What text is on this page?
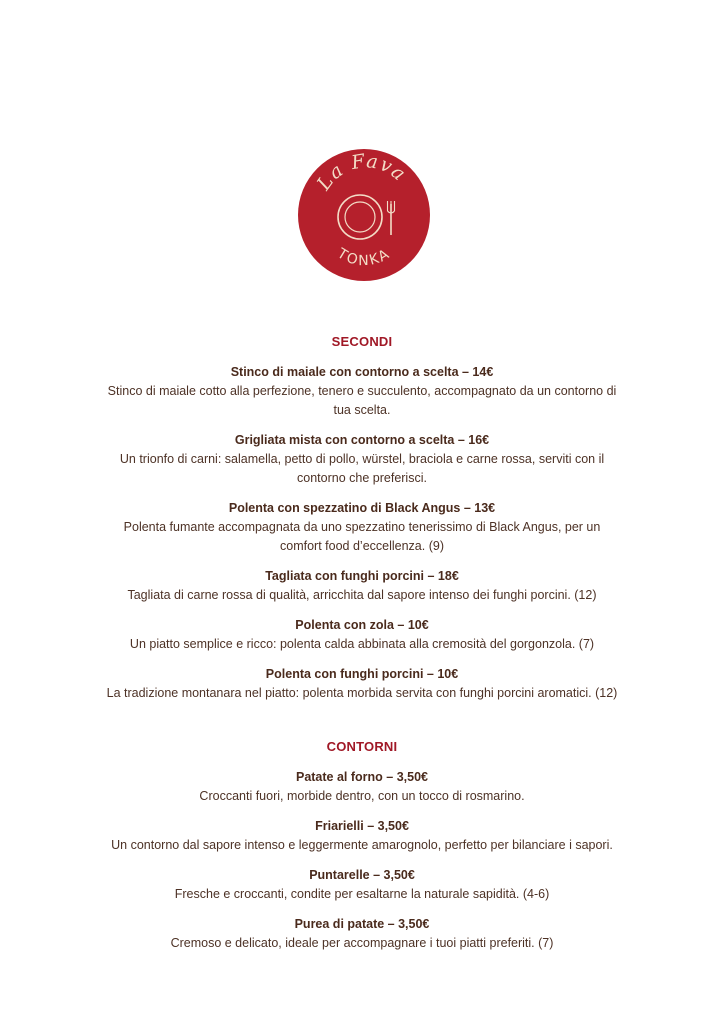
La Fava
TONKA
SECONDI
Stinco di maiale con contorno a scelta – 14€
Stinco di maiale cotto alla perfezione, tenero e succulento, accompagnato da un contorno di
tua scelta.
Grigliata mista con contorno a scelta – 16€
Un trionfo di carni: salamella, petto di pollo, würstel, braciola e carne rossa, serviti con il
contorno che preferisci.
Polenta con spezzatino di Black Angus – 13€
Polenta fumante accompagnata da uno spezzatino tenerissimo di Black Angus, per un
comfort food d’eccellenza. (9)
Tagliata con funghi porcini – 18€
Tagliata di carne rossa di qualità, arricchita dal sapore intenso dei funghi porcini. (12)
Polenta con zola – 10€
Un piatto semplice e ricco: polenta calda abbinata alla cremosità del gorgonzola. (7)
Polenta con funghi porcini – 10€
La tradizione montanara nel piatto: polenta morbida servita con funghi porcini aromatici. (12)
CONTORNI
Patate al forno – 3,50€
Croccanti fuori, morbide dentro, con un tocco di rosmarino.
Friarielli – 3,50€
Un contorno dal sapore intenso e leggermente amarognolo, perfetto per bilanciare i sapori.
Puntarelle – 3,50€
Fresche e croccanti, condite per esaltarne la naturale sapidità. (4-6)
Purea di patate – 3,50€
Cremoso e delicato, ideale per accompagnare i tuoi piatti preferiti. (7)
